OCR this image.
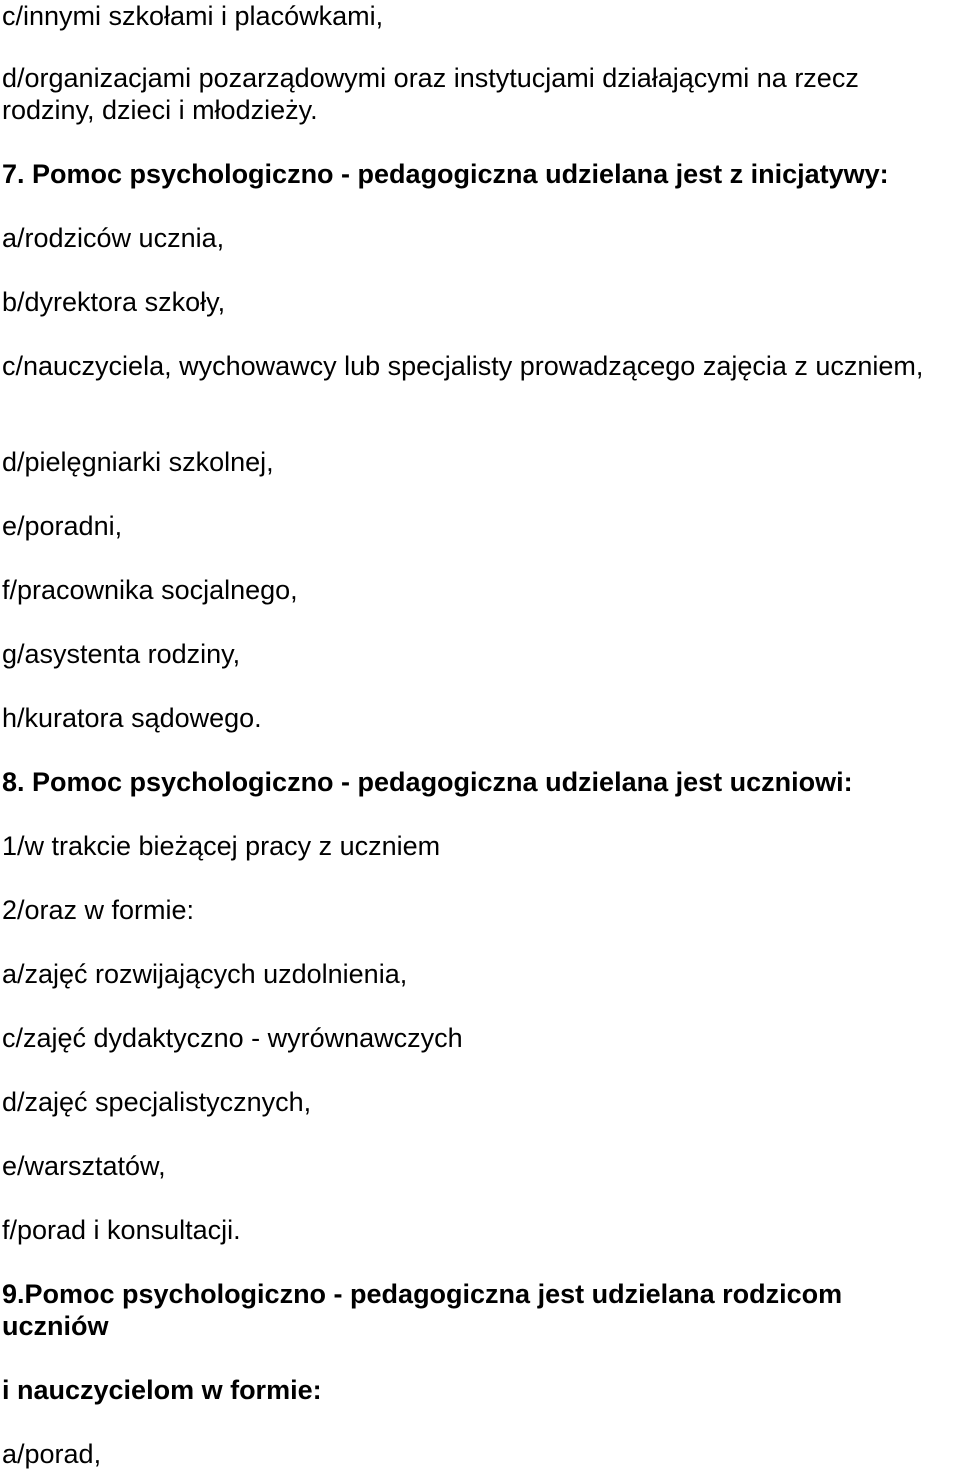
c/innymi szkołami i placówkami,

d/organizacjami pozarządowymi oraz instytucjami działającymi na rzecz rodziny, dzieci i młodzieży.

7. Pomoc psychologiczno - pedagogiczna udzielana jest z inicjatywy:

a/rodziców ucznia,

b/dyrektora szkoły,

c/nauczyciela, wychowawcy lub specjalisty prowadzącego zajęcia z uczniem,

d/pielęgniarki szkolnej,

e/poradni,

f/pracownika socjalnego,

g/asystenta rodziny,

h/kuratora sądowego.

8. Pomoc psychologiczno - pedagogiczna udzielana jest uczniowi:

1/w trakcie bieżącej pracy z uczniem

2/oraz w formie:

a/zajęć rozwijających uzdolnienia,

c/zajęć dydaktyczno - wyrównawczych

d/zajęć specjalistycznych,

e/warsztatów,

f/porad i konsultacji.

9.Pomoc psychologiczno - pedagogiczna jest udzielana rodzicom uczniów

i nauczycielom w formie:

a/porad,
